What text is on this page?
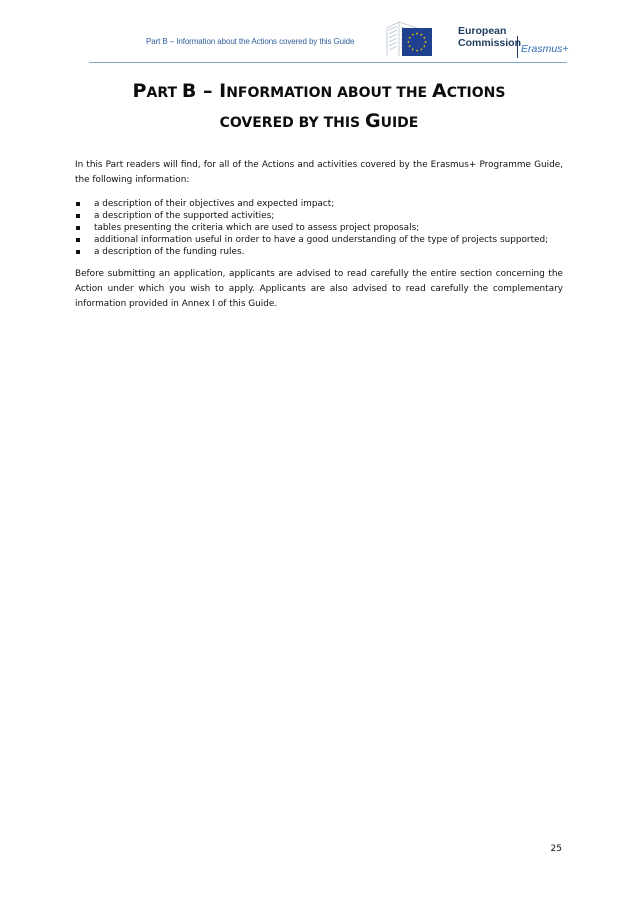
Part B – Information about the Actions covered by this Guide
European
Commission Erasmus+
PART B – INFORMATION ABOUT THE ACTIONS
COVERED BY THIS GUIDE

In this Part readers will find, for all of the Actions and activities covered by the Erasmus+ Programme Guide, the following information:

a description of their objectives and expected impact;
a description of the supported activities;
tables presenting the criteria which are used to assess project proposals;
additional information useful in order to have a good understanding of the type of projects supported;
a description of the funding rules.

Before submitting an application, applicants are advised to read carefully the entire section concerning the Action under which you wish to apply. Applicants are also advised to read carefully the complementary information provided in Annex I of this Guide.

25
